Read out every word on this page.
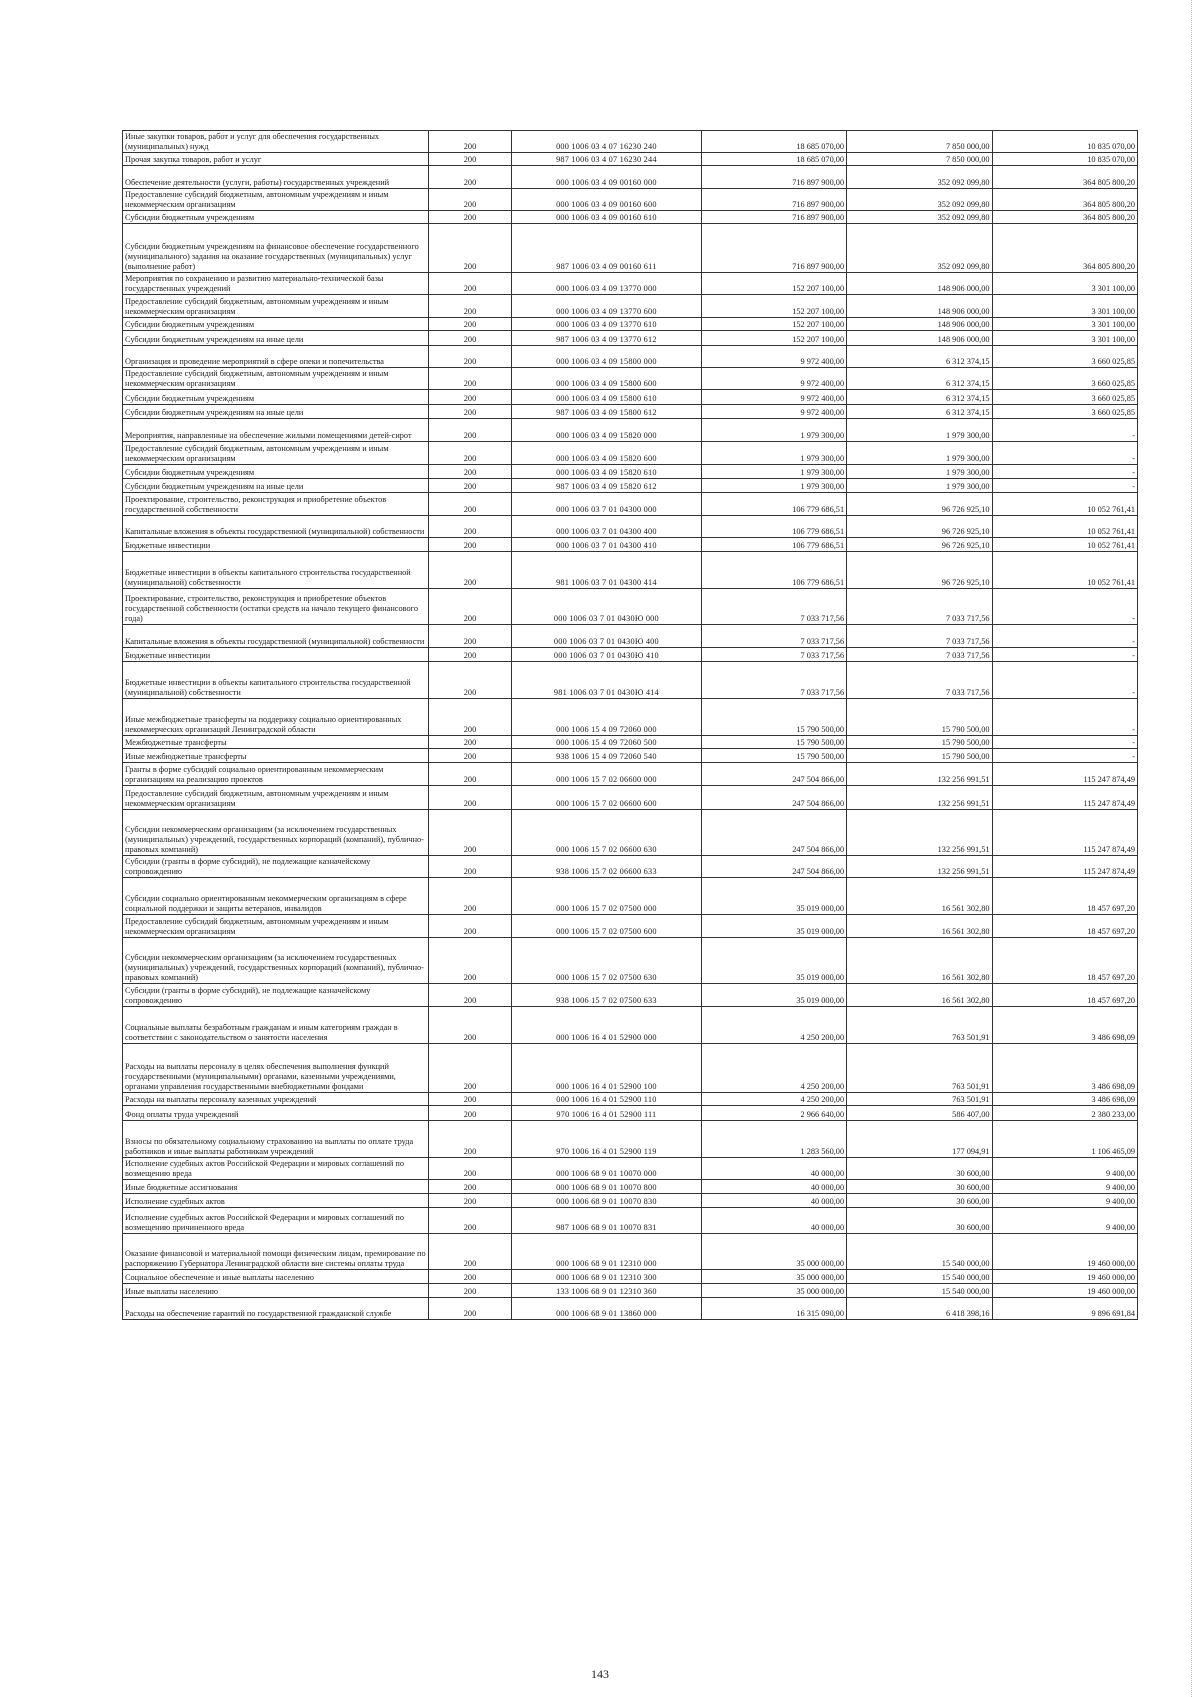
Иные закупки товаров, работ и услуг для обеспечения государственных (муниципальных) нужд	200	000 1006 03 4 07 16230 240	18 685 070,00	7 850 000,00	10 835 070,00
Прочая закупка товаров, работ и услуг	200	987 1006 03 4 07 16230 244	18 685 070,00	7 850 000,00	10 835 070,00
Обеспечение деятельности (услуги, работы) государственных учреждений	200	000 1006 03 4 09 00160 000	716 897 900,00	352 092 099,80	364 805 800,20
Предоставление субсидий бюджетным, автономным учреждениям и иным некоммерческим организациям	200	000 1006 03 4 09 00160 600	716 897 900,00	352 092 099,80	364 805 800,20
Субсидии бюджетным учреждениям	200	000 1006 03 4 09 00160 610	716 897 900,00	352 092 099,80	364 805 800,20
Субсидии бюджетным учреждениям на финансовое обеспечение государственного (муниципального) задания на оказание государственных (муниципальных) услуг (выполнение работ)	200	987 1006 03 4 09 00160 611	716 897 900,00	352 092 099,80	364 805 800,20
Мероприятия по сохранению и развитию материально-технической базы государственных учреждений	200	000 1006 03 4 09 13770 000	152 207 100,00	148 906 000,00	3 301 100,00
Предоставление субсидий бюджетным, автономным учреждениям и иным некоммерческим организациям	200	000 1006 03 4 09 13770 600	152 207 100,00	148 906 000,00	3 301 100,00
Субсидии бюджетным учреждениям	200	000 1006 03 4 09 13770 610	152 207 100,00	148 906 000,00	3 301 100,00
Субсидии бюджетным учреждениям на иные цели	200	987 1006 03 4 09 13770 612	152 207 100,00	148 906 000,00	3 301 100,00
Организация и проведение мероприятий в сфере опеки и попечительства	200	000 1006 03 4 09 15800 000	9 972 400,00	6 312 374,15	3 660 025,85
Предоставление субсидий бюджетным, автономным учреждениям и иным некоммерческим организациям	200	000 1006 03 4 09 15800 600	9 972 400,00	6 312 374,15	3 660 025,85
Субсидии бюджетным учреждениям	200	000 1006 03 4 09 15800 610	9 972 400,00	6 312 374,15	3 660 025,85
Субсидии бюджетным учреждениям на иные цели	200	987 1006 03 4 09 15800 612	9 972 400,00	6 312 374,15	3 660 025,85
Мероприятия, направленные на обеспечение жилыми помещениями детей-сирот	200	000 1006 03 4 09 15820 000	1 979 300,00	1 979 300,00	-
Предоставление субсидий бюджетным, автономным учреждениям и иным некоммерческим организациям	200	000 1006 03 4 09 15820 600	1 979 300,00	1 979 300,00	-
Субсидии бюджетным учреждениям	200	000 1006 03 4 09 15820 610	1 979 300,00	1 979 300,00	-
Субсидии бюджетным учреждениям на иные цели	200	987 1006 03 4 09 15820 612	1 979 300,00	1 979 300,00	-
Проектирование, строительство, реконструкция и приобретение объектов государственной собственности	200	000 1006 03 7 01 04300 000	106 779 686,51	96 726 925,10	10 052 761,41
Капитальные вложения в объекты государственной (муниципальной) собственности	200	000 1006 03 7 01 04300 400	106 779 686,51	96 726 925,10	10 052 761,41
Бюджетные инвестиции	200	000 1006 03 7 01 04300 410	106 779 686,51	96 726 925,10	10 052 761,41
Бюджетные инвестиции в объекты капитального строительства государственной (муниципальной) собственности	200	981 1006 03 7 01 04300 414	106 779 686,51	96 726 925,10	10 052 761,41
Проектирование, строительство, реконструкция и приобретение объектов государственной собственности (остатки средств на начало текущего финансового года)	200	000 1006 03 7 01 0430Ю 000	7 033 717,56	7 033 717,56	-
Капитальные вложения в объекты государственной (муниципальной) собственности	200	000 1006 03 7 01 0430Ю 400	7 033 717,56	7 033 717,56	-
Бюджетные инвестиции	200	000 1006 03 7 01 0430Ю 410	7 033 717,56	7 033 717,56	-
Бюджетные инвестиции в объекты капитального строительства государственной (муниципальной) собственности	200	981 1006 03 7 01 0430Ю 414	7 033 717,56	7 033 717,56	-
Иные межбюджетные трансферты на поддержку социально ориентированных некоммерческих организаций Ленинградской области	200	000 1006 15 4 09 72060 000	15 790 500,00	15 790 500,00	-
Межбюджетные трансферты	200	000 1006 15 4 09 72060 500	15 790 500,00	15 790 500,00	-
Иные межбюджетные трансферты	200	938 1006 15 4 09 72060 540	15 790 500,00	15 790 500,00	-
Гранты в форме субсидий социально ориентированным некоммерческим организациям на реализацию проектов	200	000 1006 15 7 02 06600 000	247 504 866,00	132 256 991,51	115 247 874,49
Предоставление субсидий бюджетным, автономным учреждениям и иным некоммерческим организациям	200	000 1006 15 7 02 06600 600	247 504 866,00	132 256 991,51	115 247 874,49
Субсидии некоммерческим организациям (за исключением государственных (муниципальных) учреждений, государственных корпораций (компаний), публично-правовых компаний)	200	000 1006 15 7 02 06600 630	247 504 866,00	132 256 991,51	115 247 874,49
Субсидии (гранты в форме субсидий), не подлежащие казначейскому сопровождению	200	938 1006 15 7 02 06600 633	247 504 866,00	132 256 991,51	115 247 874,49
Субсидии социально ориентированным некоммерческим организациям в сфере социальной поддержки и защиты ветеранов, инвалидов	200	000 1006 15 7 02 07500 000	35 019 000,00	16 561 302,80	18 457 697,20
Предоставление субсидий бюджетным, автономным учреждениям и иным некоммерческим организациям	200	000 1006 15 7 02 07500 600	35 019 000,00	16 561 302,80	18 457 697,20
Субсидии некоммерческим организациям (за исключением государственных (муниципальных) учреждений, государственных корпораций (компаний), публично-правовых компаний)	200	000 1006 15 7 02 07500 630	35 019 000,00	16 561 302,80	18 457 697,20
Субсидии (гранты в форме субсидий), не подлежащие казначейскому сопровождению	200	938 1006 15 7 02 07500 633	35 019 000,00	16 561 302,80	18 457 697,20
Социальные выплаты безработным гражданам и иным категориям граждан в соответствии с законодательством о занятости населения	200	000 1006 16 4 01 52900 000	4 250 200,00	763 501,91	3 486 698,09
Расходы на выплаты персоналу в целях обеспечения выполнения функций государственными (муниципальными) органами, казенными учреждениями, органами управления государственными внебюджетными фондами	200	000 1006 16 4 01 52900 100	4 250 200,00	763 501,91	3 486 698,09
Расходы на выплаты персоналу казенных учреждений	200	000 1006 16 4 01 52900 110	4 250 200,00	763 501,91	3 486 698,09
Фонд оплаты труда учреждений	200	970 1006 16 4 01 52900 111	2 966 640,00	586 407,00	2 380 233,00
Взносы по обязательному социальному страхованию на выплаты по оплате труда работников и иные выплаты работникам учреждений	200	970 1006 16 4 01 52900 119	1 283 560,00	177 094,91	1 106 465,09
Исполнение судебных актов Российской Федерации и мировых соглашений по возмещению вреда	200	000 1006 68 9 01 10070 000	40 000,00	30 600,00	9 400,00
Иные бюджетные ассигнования	200	000 1006 68 9 01 10070 800	40 000,00	30 600,00	9 400,00
Исполнение судебных актов	200	000 1006 68 9 01 10070 830	40 000,00	30 600,00	9 400,00
Исполнение судебных актов Российской Федерации и мировых соглашений по возмещению причиненного вреда	200	987 1006 68 9 01 10070 831	40 000,00	30 600,00	9 400,00
Оказание финансовой и материальной помощи физическим лицам, премирование по распоряжению Губернатора Ленинградской области вне системы оплаты труда	200	000 1006 68 9 01 12310 000	35 000 000,00	15 540 000,00	19 460 000,00
Социальное обеспечение и иные выплаты населению	200	000 1006 68 9 01 12310 300	35 000 000,00	15 540 000,00	19 460 000,00
Иные выплаты населению	200	133 1006 68 9 01 12310 360	35 000 000,00	15 540 000,00	19 460 000,00
Расходы на обеспечение гарантий по государственной гражданской службе	200	000 1006 68 9 01 13860 000	16 315 090,00	6 418 398,16	9 896 691,84
143
